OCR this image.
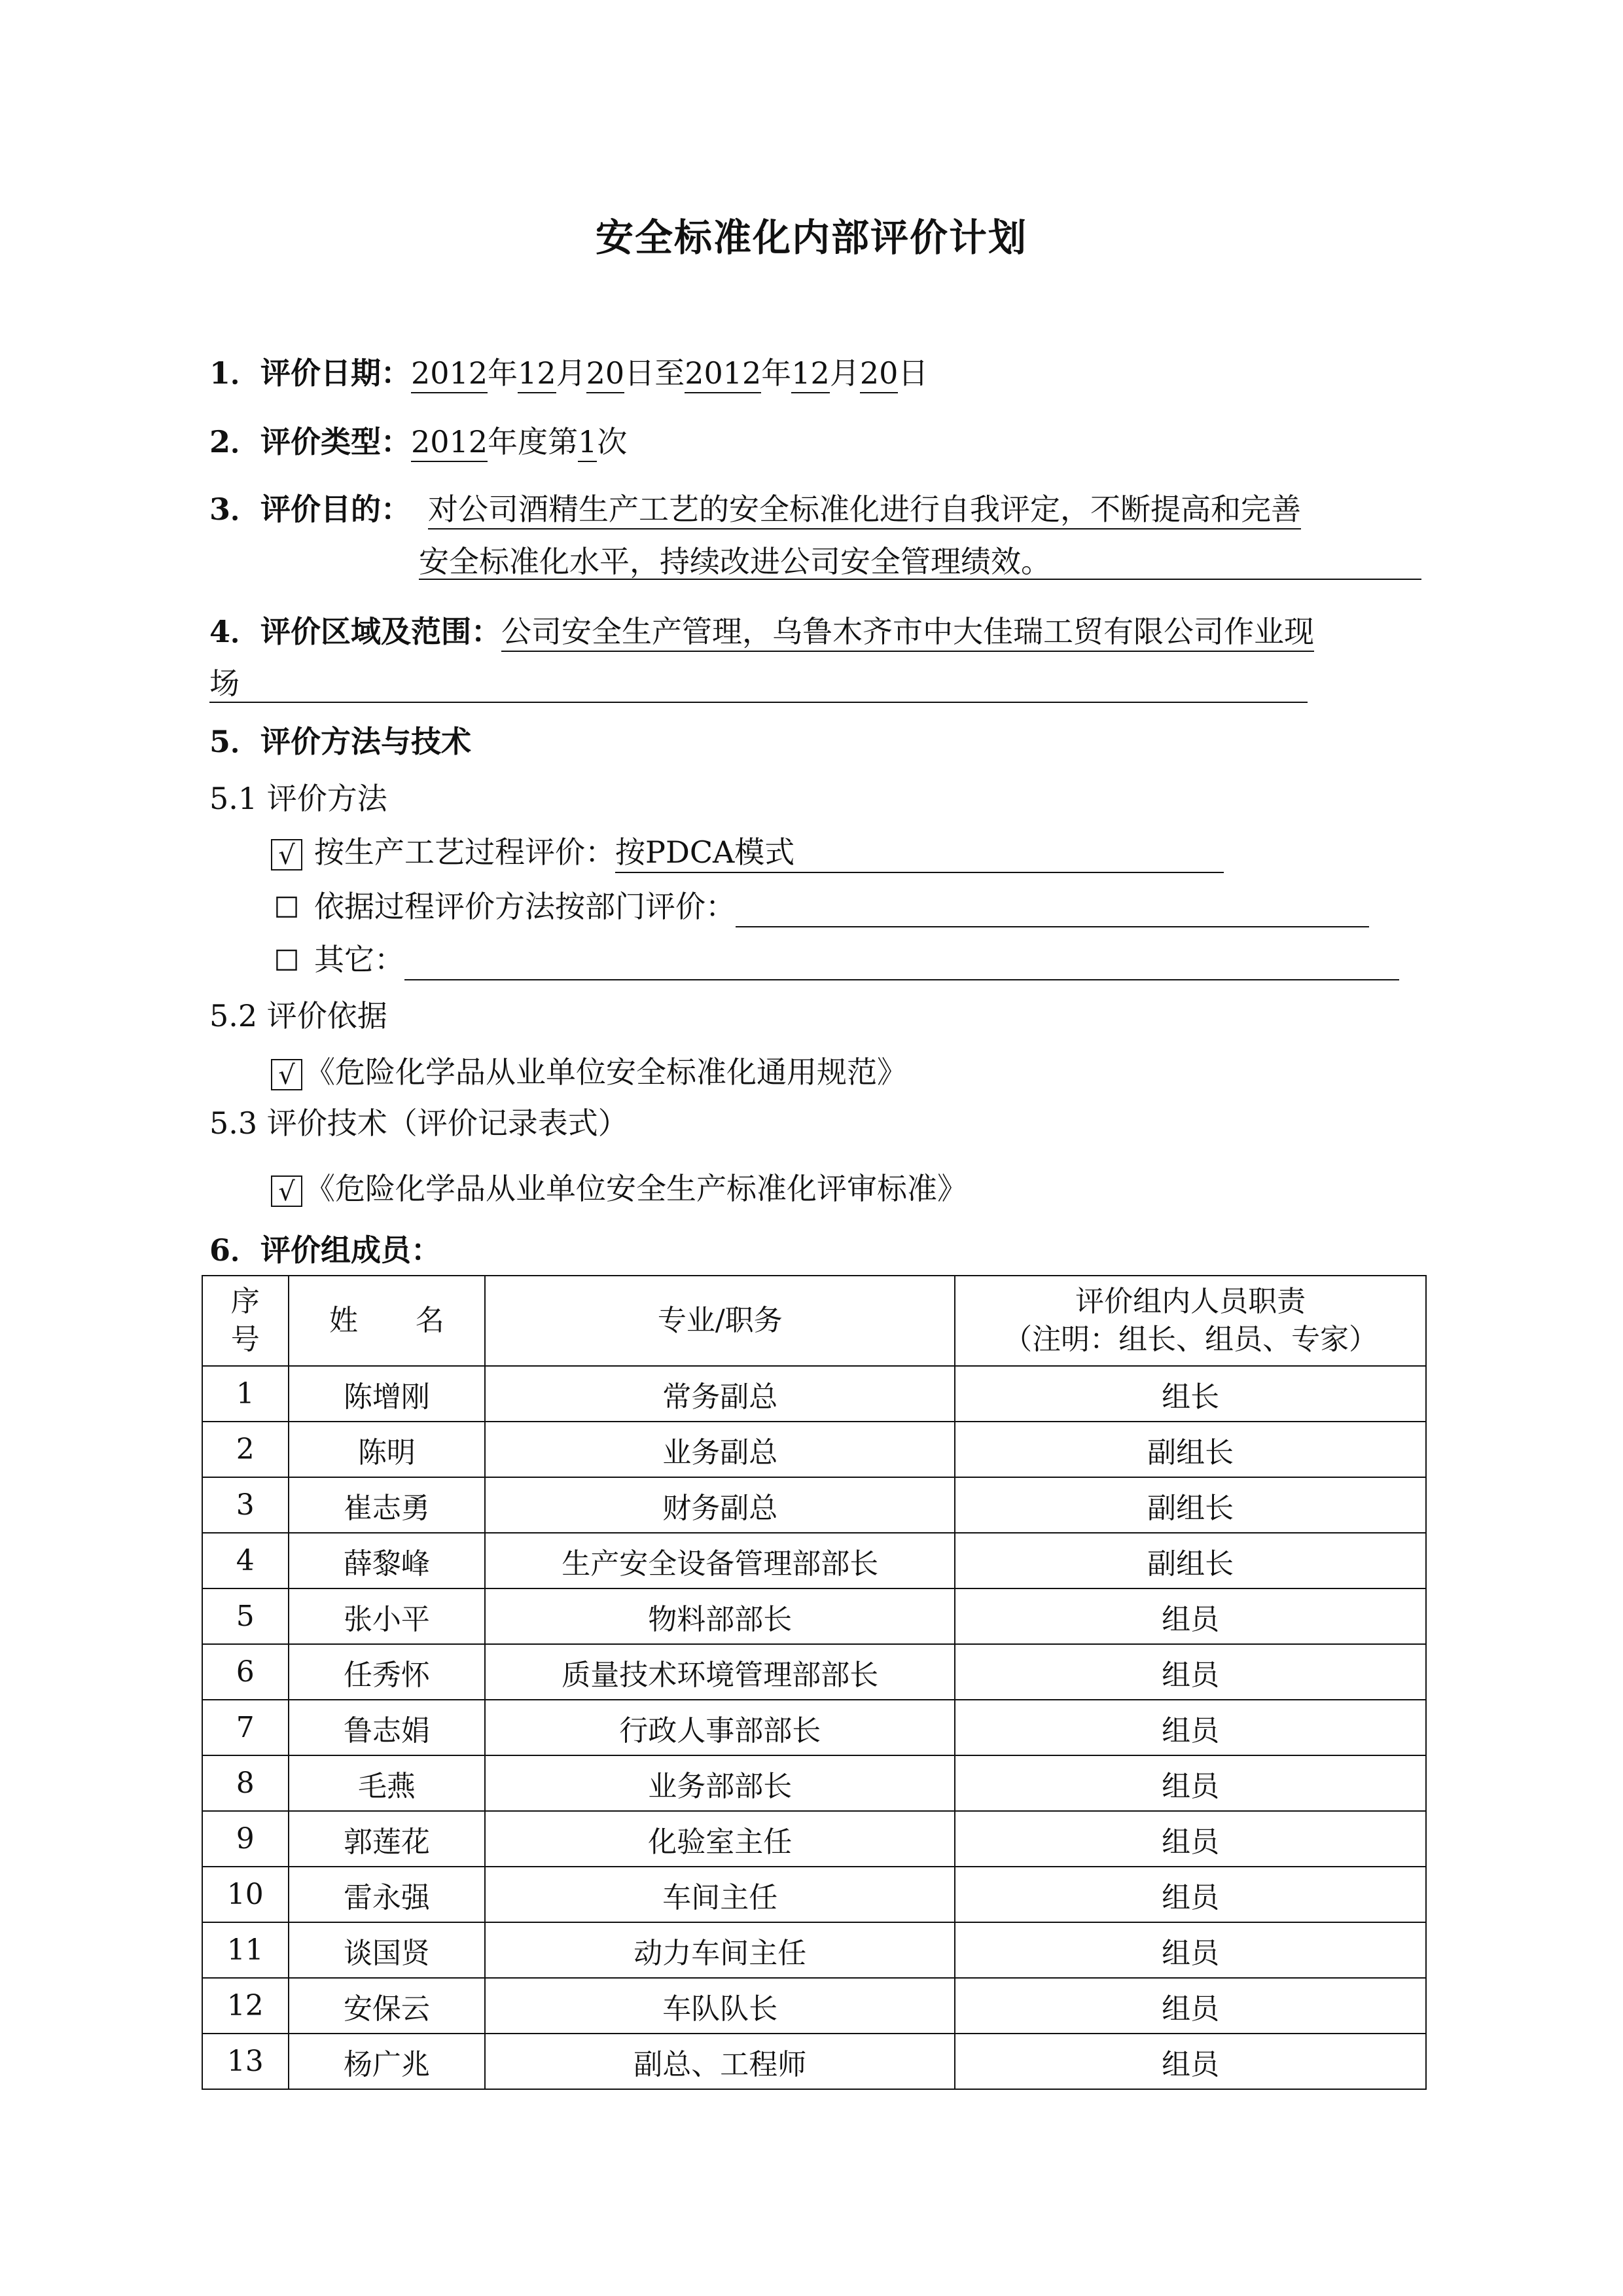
安全标准化内部评价计划
1．评价日期：2012年12月20日至2012年12月20日
2．评价类型：2012年度第1次
3．评价目的： 对公司酒精生产工艺的安全标准化进行自我评定，不断提高和完善
安全标准化水平，持续改进公司安全管理绩效。
4．评价区域及范围：公司安全生产管理，乌鲁木齐市中大佳瑞工贸有限公司作业现
场
5．评价方法与技术
5.1 评价方法
√ 按生产工艺过程评价：按PDCA模式
☐ 依据过程评价方法按部门评价：
☐ 其它：
5.2 评价依据
√ 《危险化学品从业单位安全标准化通用规范》
5.3 评价技术（评价记录表式）
√ 《危险化学品从业单位安全生产标准化评审标准》
6．评价组成员：
序
号	姓　　名	专业/职务	评价组内人员职责
（注明：组长、组员、专家）
1	陈增刚	常务副总	组长
2	陈明	业务副总	副组长
3	崔志勇	财务副总	副组长
4	薛黎峰	生产安全设备管理部部长	副组长
5	张小平	物料部部长	组员
6	任秀怀	质量技术环境管理部部长	组员
7	鲁志娟	行政人事部部长	组员
8	毛燕	业务部部长	组员
9	郭莲花	化验室主任	组员
10	雷永强	车间主任	组员
11	谈国贤	动力车间主任	组员
12	安保云	车队队长	组员
13	杨广兆	副总、工程师	组员
